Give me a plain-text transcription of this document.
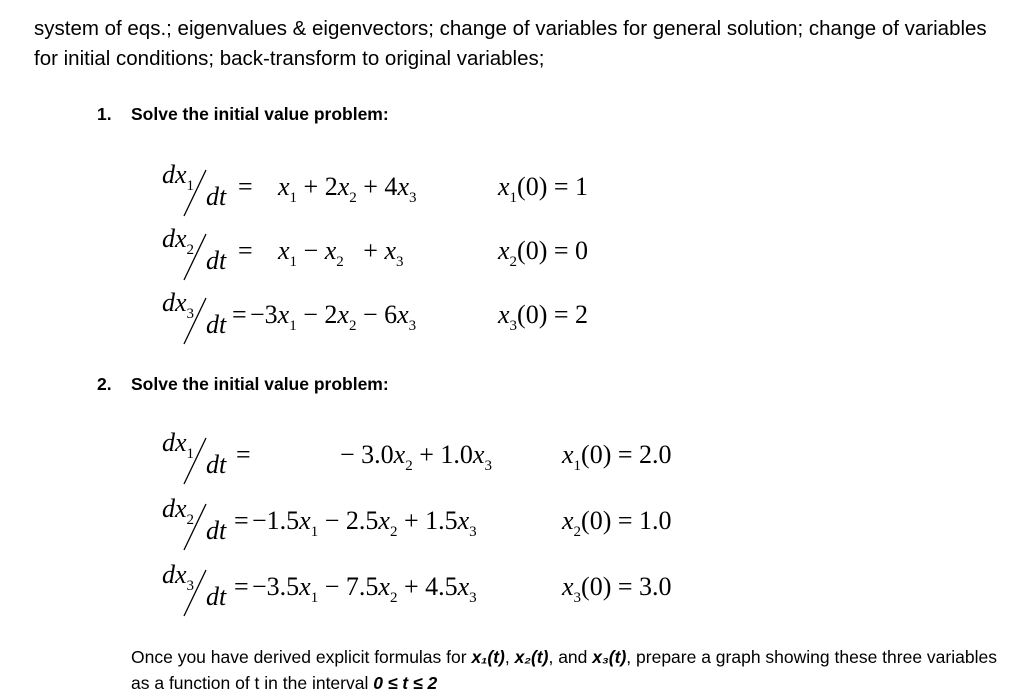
system of eqs.; eigenvalues & eigenvectors; change of variables for general solution; change of variables for initial conditions; back-transform to original variables;
1. Solve the initial value problem:
$dx_1$ dt = $x_1 + 2x_2 + 4x_3$	$x_1(0) = 1$
$dx_2$ dt = $x_1 - x_2 + x_3$	$x_2(0) = 0$
$dx_3$ dt = $-3x_1 - 2x_2 - 6x_3$	$x_3(0) = 2$
2. Solve the initial value problem:
$dx_1$ dt =	− $3.0x_2 + 1.0x_3$	$x_1(0) = 2.0$
$dx_2$ dt = $-1.5x_1 - 2.5x_2 + 1.5x_3$	$x_2(0) = 1.0$
$dx_3$ dt = $-3.5x_1 - 7.5x_2 + 4.5x_3$	$x_3(0) = 3.0$
Once you have derived explicit formulas for x₁(t), x₂(t), and x₃(t), prepare a graph showing these three variables as a function of t in the interval 0 ≤ t ≤ 2
